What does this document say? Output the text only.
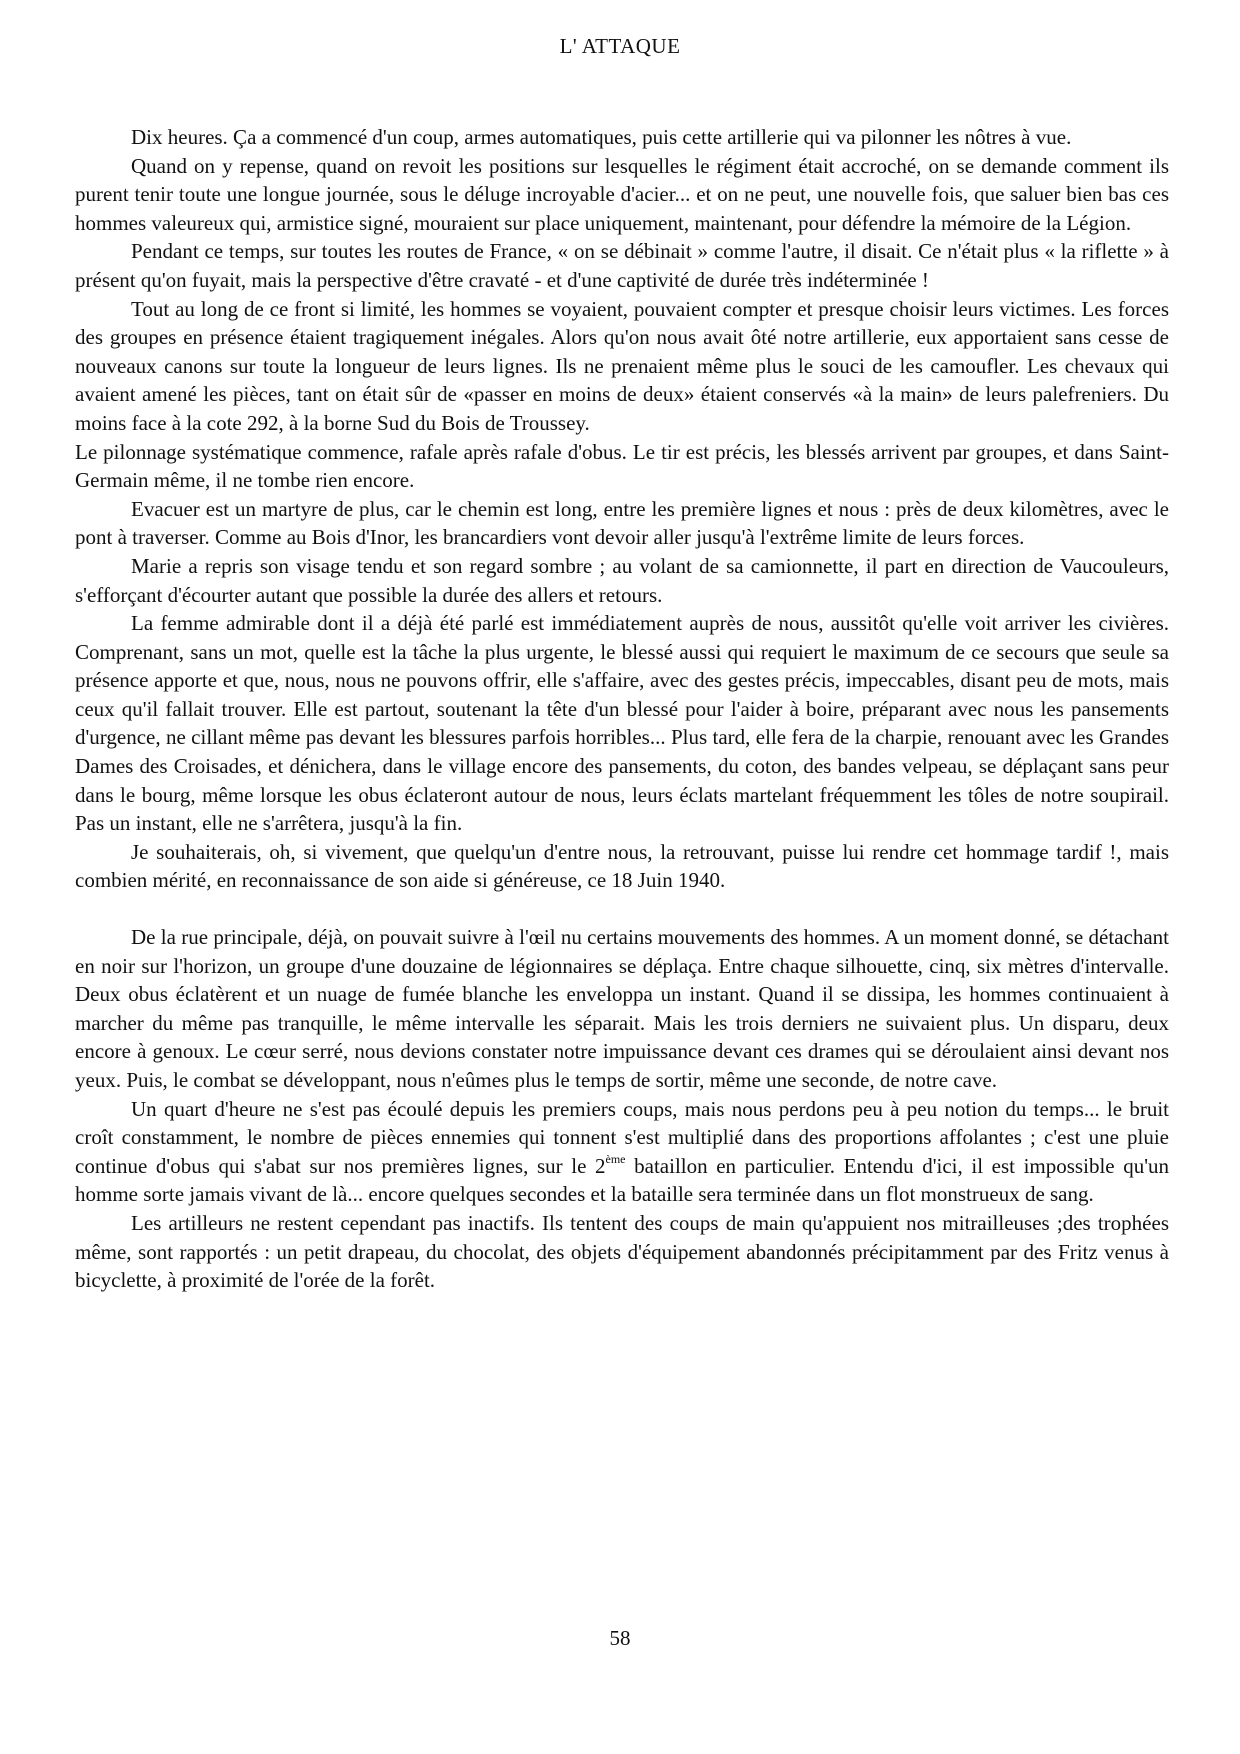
L' ATTAQUE

Dix heures. Ça a commencé d'un coup, armes automatiques, puis cette artillerie qui va pilonner les nôtres à vue.

Quand on y repense, quand on revoit les positions sur lesquelles le régiment était accroché, on se demande comment ils purent tenir toute une longue journée, sous le déluge incroyable d'acier... et on ne peut, une nouvelle fois, que saluer bien bas ces hommes valeureux qui, armistice signé, mouraient sur place uniquement, maintenant, pour défendre la mémoire de la Légion.

Pendant ce temps, sur toutes les routes de France, « on se débinait » comme l'autre, il disait. Ce n'était plus « la riflette » à présent qu'on fuyait, mais la perspective d'être cravaté - et d'une captivité de durée très indéterminée !

Tout au long de ce front si limité, les hommes se voyaient, pouvaient compter et presque choisir leurs victimes. Les forces des groupes en présence étaient tragiquement inégales. Alors qu'on nous avait ôté notre artillerie, eux apportaient sans cesse de nouveaux canons sur toute la longueur de leurs lignes. Ils ne prenaient même plus le souci de les camoufler. Les chevaux qui avaient amené les pièces, tant on était sûr de «passer en moins de deux» étaient conservés «à la main» de leurs palefreniers. Du moins face à la cote 292, à la borne Sud du Bois de Troussey.

Le pilonnage systématique commence, rafale après rafale d'obus. Le tir est précis, les blessés arrivent par groupes, et dans Saint-Germain même, il ne tombe rien encore.

Evacuer est un martyre de plus, car le chemin est long, entre les première lignes et nous : près de deux kilomètres, avec le pont à traverser. Comme au Bois d'Inor, les brancardiers vont devoir aller jusqu'à l'extrême limite de leurs forces.

Marie a repris son visage tendu et son regard sombre ; au volant de sa camionnette, il part en direction de Vaucouleurs, s'efforçant d'écourter autant que possible la durée des allers et retours.

La femme admirable dont il a déjà été parlé est immédiatement auprès de nous, aussitôt qu'elle voit arriver les civières. Comprenant, sans un mot, quelle est la tâche la plus urgente, le blessé aussi qui requiert le maximum de ce secours que seule sa présence apporte et que, nous, nous ne pouvons offrir, elle s'affaire, avec des gestes précis, impeccables, disant peu de mots, mais ceux qu'il fallait trouver. Elle est partout, soutenant la tête d'un blessé pour l'aider à boire, préparant avec nous les pansements d'urgence, ne cillant même pas devant les blessures parfois horribles... Plus tard, elle fera de la charpie, renouant avec les Grandes Dames des Croisades, et dénichera, dans le village encore des pansements, du coton, des bandes velpeau, se déplaçant sans peur dans le bourg, même lorsque les obus éclateront autour de nous, leurs éclats martelant fréquemment les tôles de notre soupirail. Pas un instant, elle ne s'arrêtera, jusqu'à la fin.

Je souhaiterais, oh, si vivement, que quelqu'un d'entre nous, la retrouvant, puisse lui rendre cet hommage tardif !, mais combien mérité, en reconnaissance de son aide si généreuse, ce 18 Juin 1940.

De la rue principale, déjà, on pouvait suivre à l'œil nu certains mouvements des hommes. A un moment donné, se détachant en noir sur l'horizon, un groupe d'une douzaine de légionnaires se déplaça. Entre chaque silhouette, cinq, six mètres d'intervalle. Deux obus éclatèrent et un nuage de fumée blanche les enveloppa un instant. Quand il se dissipa, les hommes continuaient à marcher du même pas tranquille, le même intervalle les séparait. Mais les trois derniers ne suivaient plus. Un disparu, deux encore à genoux. Le cœur serré, nous devions constater notre impuissance devant ces drames qui se déroulaient ainsi devant nos yeux. Puis, le combat se développant, nous n'eûmes plus le temps de sortir, même une seconde, de notre cave.

Un quart d'heure ne s'est pas écoulé depuis les premiers coups, mais nous perdons peu à peu notion du temps... le bruit croît constamment, le nombre de pièces ennemies qui tonnent s'est multiplié dans des proportions affolantes ; c'est une pluie continue d'obus qui s'abat sur nos premières lignes, sur le 2ème bataillon en particulier. Entendu d'ici, il est impossible qu'un homme sorte jamais vivant de là... encore quelques secondes et la bataille sera terminée dans un flot monstrueux de sang.

Les artilleurs ne restent cependant pas inactifs. Ils tentent des coups de main qu'appuient nos mitrailleuses ;des trophées même, sont rapportés : un petit drapeau, du chocolat, des objets d'équipement abandonnés précipitamment par des Fritz venus à bicyclette, à proximité de l'orée de la forêt.

58
